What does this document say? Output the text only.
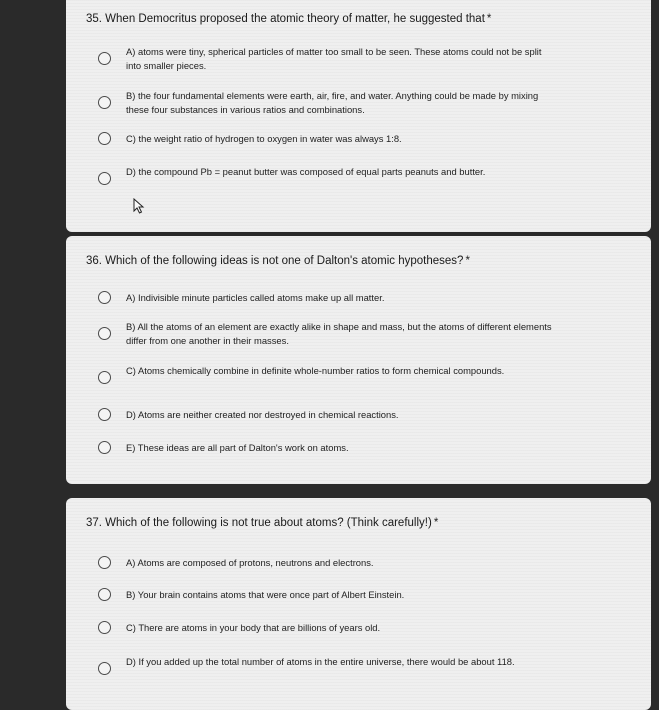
35. When Democritus proposed the atomic theory of matter, he suggested that *
A) atoms were tiny, spherical particles of matter too small to be seen. These atoms could not be split into smaller pieces.
B) the four fundamental elements were earth, air, fire, and water. Anything could be made by mixing these four substances in various ratios and combinations.
C) the weight ratio of hydrogen to oxygen in water was always 1:8.
D) the compound Pb = peanut butter was composed of equal parts peanuts and butter.
36. Which of the following ideas is not one of Dalton's atomic hypotheses? *
A) Indivisible minute particles called atoms make up all matter.
B) All the atoms of an element are exactly alike in shape and mass, but the atoms of different elements differ from one another in their masses.
C) Atoms chemically combine in definite whole-number ratios to form chemical compounds.
D) Atoms are neither created nor destroyed in chemical reactions.
E) These ideas are all part of Dalton's work on atoms.
37. Which of the following is not true about atoms? (Think carefully!) *
A) Atoms are composed of protons, neutrons and electrons.
B) Your brain contains atoms that were once part of Albert Einstein.
C) There are atoms in your body that are billions of years old.
D) If you added up the total number of atoms in the entire universe, there would be about 118.
